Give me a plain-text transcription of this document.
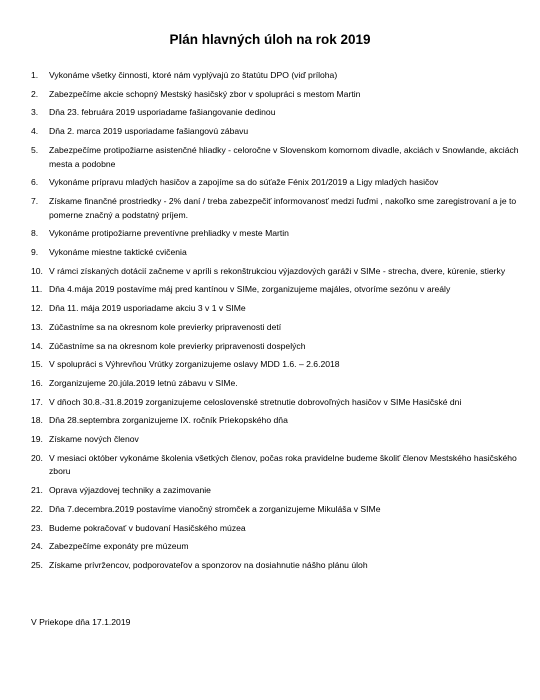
Plán hlavných úloh na rok 2019
1.	Vykonáme všetky činnosti, ktoré nám vyplývajú zo štatútu DPO (viď príloha)
2.	Zabezpečíme akcie schopný Mestský hasičský zbor v spolupráci s mestom Martin
3.	Dňa 23. februára 2019 usporiadame fašiangovanie dedinou
4.	Dňa 2. marca 2019 usporiadame fašiangovú zábavu
5.	Zabezpečíme protipožiarne asistenčné hliadky - celoročne v Slovenskom komornom divadle, akciách v Snowlande, akciách mesta a podobne
6.	Vykonáme prípravu mladých hasičov a zapojíme sa do súťaže Fénix 201/2019 a Ligy mladých hasičov
7.	Získame finančné prostriedky - 2% daní / treba zabezpečiť informovanosť medzi ľuďmi , nakoľko sme zaregistrovaní a je to pomerne značný a podstatný príjem.
8.	Vykonáme protipožiarne preventívne prehliadky v meste Martin
9.	Vykonáme miestne taktické cvičenia
10. V rámci získaných dotácií začneme v apríli s rekonštrukciou výjazdových garáži v SIMe - strecha, dvere, kúrenie, stierky
11. Dňa 4.mája 2019 postavíme máj pred kantínou v SIMe, zorganizujeme majáles, otvoríme sezónu v areály
12. Dňa 11. mája 2019 usporiadame akciu 3 v 1 v SIMe
13. Zúčastníme sa na okresnom kole previerky pripravenosti detí
14. Zúčastníme sa na okresnom kole previerky pripravenosti dospelých
15. V spolupráci s Výhrevňou Vrútky zorganizujeme oslavy MDD 1.6. – 2.6.2018
16. Zorganizujeme 20.júla.2019 letnú zábavu v SIMe.
17. V dňoch 30.8.-31.8.2019 zorganizujeme celoslovenské stretnutie dobrovoľných hasičov v SIMe Hasičské dni
18. Dňa 28.septembra zorganizujeme IX. ročník Priekopského dňa
19. Získame nových členov
20. V mesiaci október vykonáme školenia všetkých členov, počas roka pravidelne budeme školiť členov Mestského hasičského zboru
21. Oprava výjazdovej techniky a zazimovanie
22. Dňa 7.decembra.2019 postavíme vianočný stromček a zorganizujeme Mikuláša v SIMe
23. Budeme pokračovať v budovaní Hasičského múzea
24. Zabezpečíme exponáty pre múzeum
25. Získame prívržencov, podporovateľov a sponzorov na dosiahnutie nášho plánu úloh
V Priekope dňa 17.1.2019
